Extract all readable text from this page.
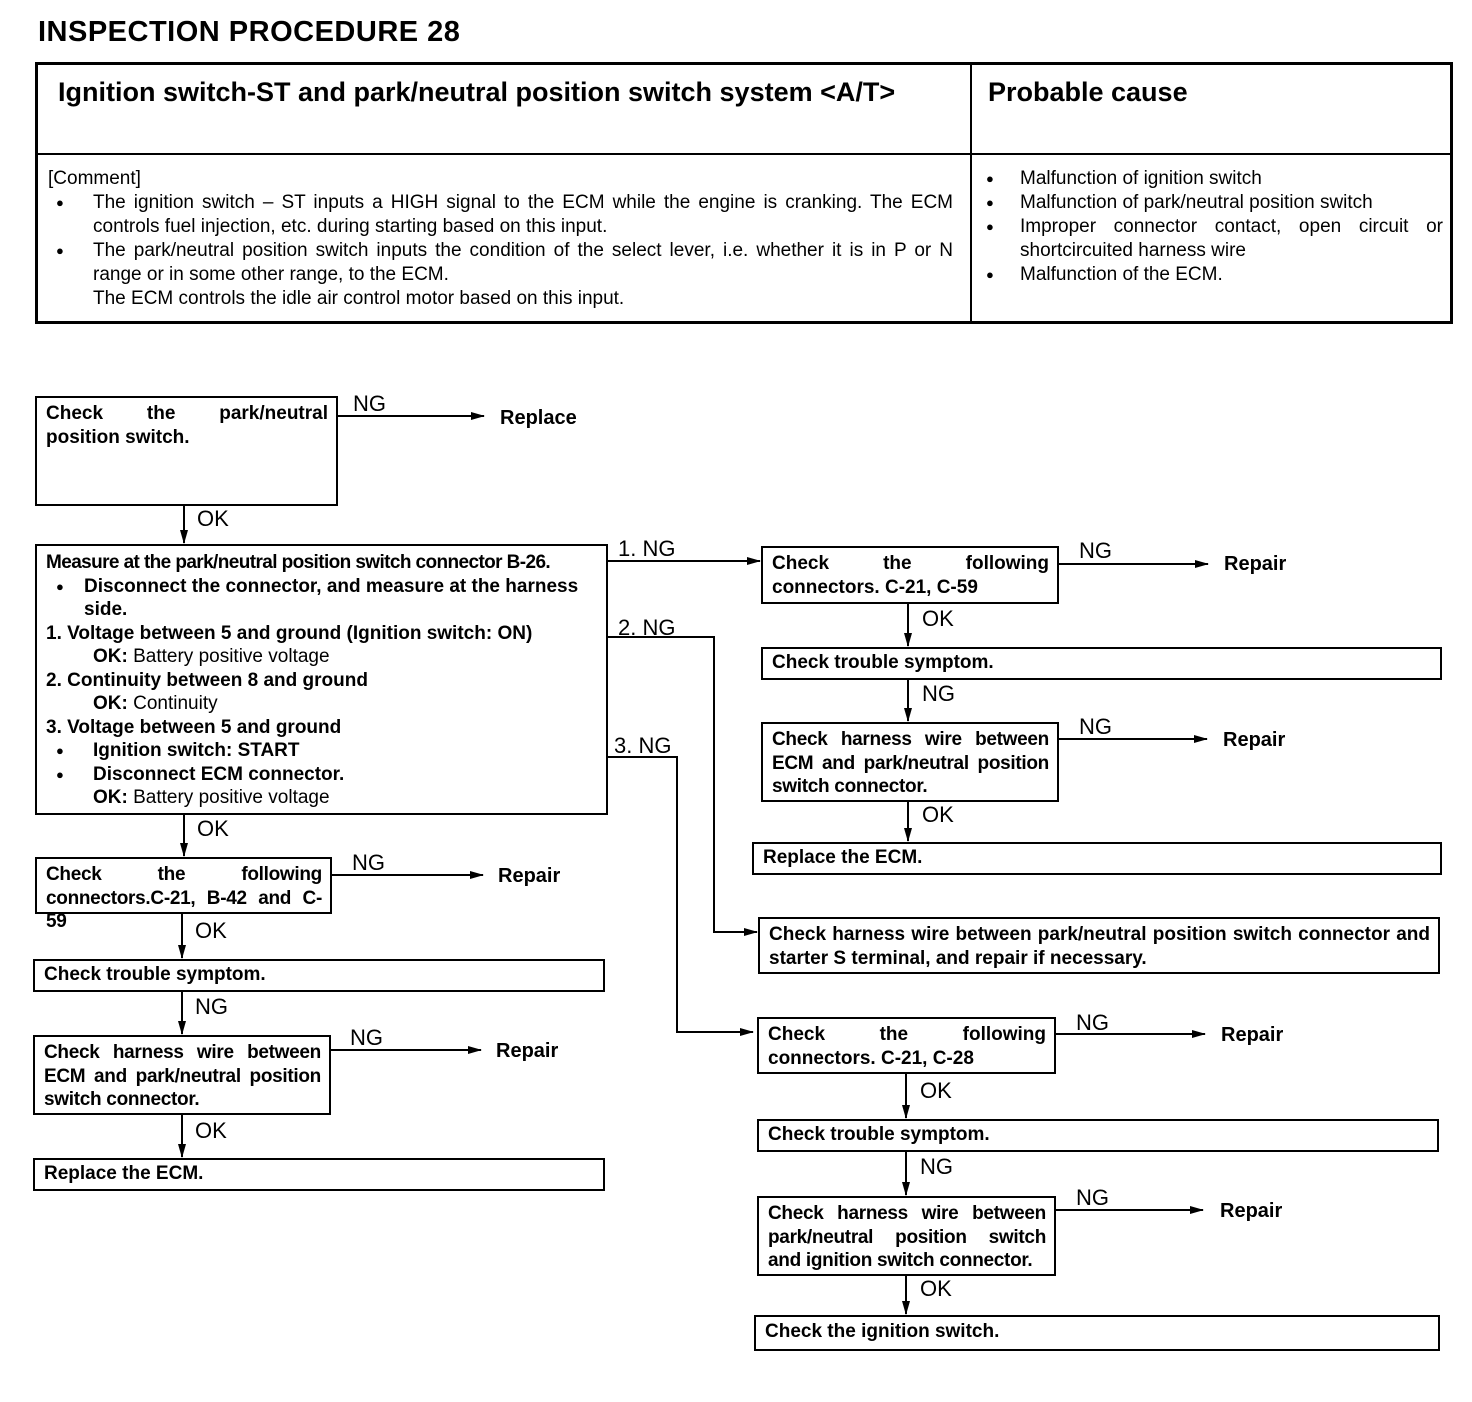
INSPECTION PROCEDURE 28
Ignition switch-ST and park/neutral position switch system <A/T>	Probable cause
[Comment]
● The ignition switch – ST inputs a HIGH signal to the ECM while the engine is cranking. The ECM controls fuel injection, etc. during starting based on this input.
● The park/neutral position switch inputs the condition of the select lever, i.e. whether it is in P or N range or in some other range, to the ECM.
The ECM controls the idle air control motor based on this input.
● Malfunction of ignition switch
● Malfunction of park/neutral position switch
● Improper connector contact, open circuit or shortcircuited harness wire
● Malfunction of the ECM.
Check the park/neutral position switch.
Measure at the park/neutral position switch connector B-26.
● Disconnect the connector, and measure at the harness side.
1. Voltage between 5 and ground (Ignition switch: ON)
OK: Battery positive voltage
2. Continuity between 8 and ground
OK: Continuity
3. Voltage between 5 and ground
● Ignition switch: START
● Disconnect ECM connector.
OK: Battery positive voltage
Check the following connectors.C-21, B-42 and C-59
Check trouble symptom.
Check harness wire between ECM and park/neutral position switch connector.
Replace the ECM.
Check the following connectors. C-21, C-59
Check trouble symptom.
Check harness wire between ECM and park/neutral position switch connector.
Replace the ECM.
Check harness wire between park/neutral position switch connector and starter S terminal, and repair if necessary.
Check the following connectors. C-21, C-28
Check trouble symptom.
Check harness wire between park/neutral position switch and ignition switch connector.
Check the ignition switch.
NG
Replace
OK
OK
NG
Repair
OK
NG
NG
Repair
OK
1. NG
2. NG
3. NG
NG
Repair
OK
NG
NG
Repair
OK
NG	Repair
OK
NG
NG
Repair
OK
